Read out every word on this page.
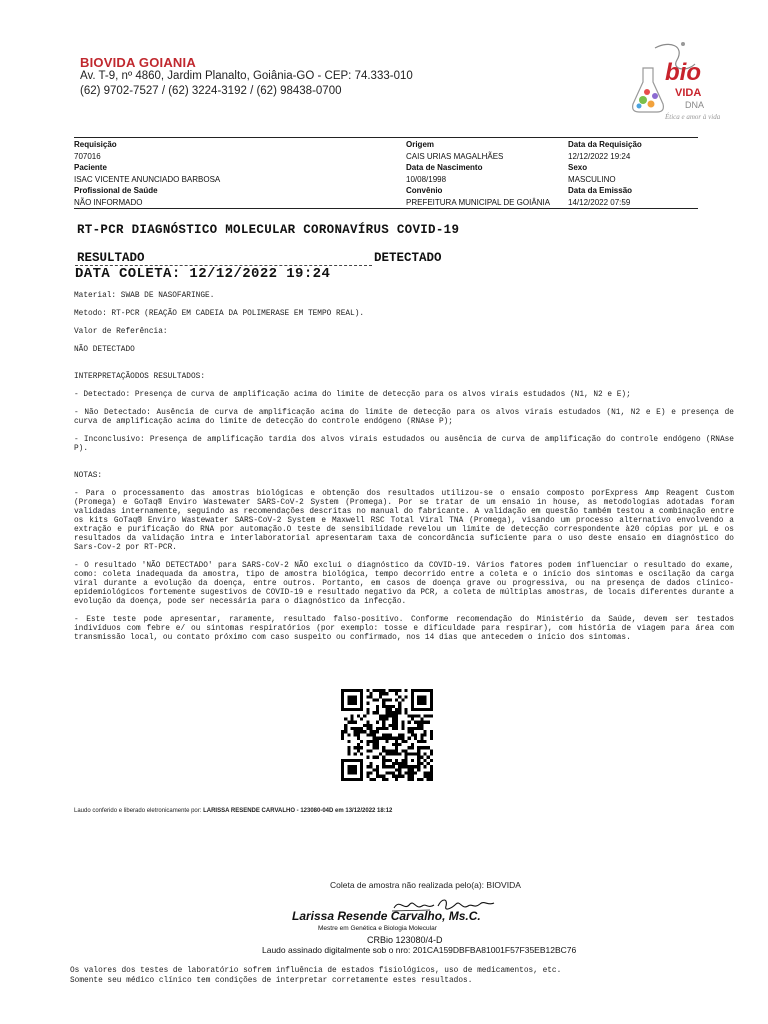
BIOVIDA GOIANIA
Av. T-9, nº 4860, Jardim Planalto, Goiânia-GO - CEP: 74.333-010
(62) 9702-7527 / (62) 3224-3192 / (62) 98438-0700
bio
VIDA
DNA
Ética e amor à vida
Requisição	Origem	Data da Requisição
707016	CAIS URIAS MAGALHÃES	12/12/2022 19:24
Paciente	Data de Nascimento	Sexo
ISAC VICENTE ANUNCIADO BARBOSA	10/08/1998	MASCULINO
Profissional de Saúde	Convênio	Data da Emissão
NÃO INFORMADO	PREFEITURA MUNICIPAL DE GOIÂNIA	14/12/2022 07:59
RT-PCR DIAGNÓSTICO MOLECULAR CORONAVÍRUS COVID-19
RESULTADO	DETECTADO
DATA COLETA: 12/12/2022 19:24

Material: SWAB DE NASOFARINGE.

Metodo: RT-PCR (REAÇÃO EM CADEIA DA POLIMERASE EM TEMPO REAL).

Valor de Referência:

NÃO DETECTADO

INTERPRETAÇÃODOS RESULTADOS:

- Detectado: Presença de curva de amplificação acima do limite de detecção para os alvos virais estudados (N1, N2 e E);

- Não Detectado: Ausência de curva de amplificação acima do limite de detecção para os alvos virais estudados (N1, N2 e E) e presença de curva de amplificação acima do limite de detecção do controle endógeno (RNAse P);

- Inconclusivo: Presença de amplificação tardia dos alvos virais estudados ou ausência de curva de amplificação do controle endógeno (RNAse P).

NOTAS:

- Para o processamento das amostras biológicas e obtenção dos resultados utilizou-se o ensaio composto porExpress Amp Reagent Custom (Promega) e GoTaq® Enviro Wastewater SARS-CoV-2 System (Promega). Por se tratar de um ensaio in house, as metodologias adotadas foram validadas internamente, seguindo as recomendações descritas no manual do fabricante. A validação em questão também testou a combinação entre os kits GoTaq® Enviro Wastewater SARS-CoV-2 System e Maxwell RSC Total Viral TNA (Promega), visando um processo alternativo envolvendo a extração e purificação do RNA por automação.O teste de sensibilidade revelou um limite de detecção correspondente à20 cópias por µL e os resultados da validação intra e interlaboratorial apresentaram taxa de concordância suficiente para o uso deste ensaio em diagnóstico do Sars-Cov-2 por RT-PCR.

- O resultado 'NÃO DETECTADO' para SARS-CoV-2 NÃO exclui o diagnóstico da COVID-19. Vários fatores podem influenciar o resultado do exame, como: coleta inadequada da amostra, tipo de amostra biológica, tempo decorrido entre a coleta e o início dos sintomas e oscilação da carga viral durante a evolução da doença, entre outros. Portanto, em casos de doença grave ou progressiva, ou na presença de dados clínico-epidemiológicos fortemente sugestivos de COVID-19 e resultado negativo da PCR, a coleta de múltiplas amostras, de locais diferentes durante a evolução da doença, pode ser necessária para o diagnóstico da infecção.

- Este teste pode apresentar, raramente, resultado falso-positivo. Conforme recomendação do Ministério da Saúde, devem ser testados indivíduos com febre e/ ou sintomas respiratórios (por exemplo: tosse e dificuldade para respirar), com história de viagem para área com transmissão local, ou contato próximo com caso suspeito ou confirmado, nos 14 dias que antecedem o início dos sintomas.

Laudo conferido e liberado eletronicamente por: LARISSA RESENDE CARVALHO - 123080-04D em 13/12/2022 18:12
Coleta de amostra não realizada pelo(a): BIOVIDA
Larissa Resende Carvalho, Ms.C.
Mestre em Genética e Biologia Molecular
CRBio 123080/4-D
Laudo assinado digitalmente sob o nro: 201CA159DBFBA81001F57F35EB12BC76

Os valores dos testes de laboratório sofrem influência de estados fisiológicos, uso de medicamentos, etc.

Somente seu médico clínico tem condições de interpretar corretamente estes resultados.
